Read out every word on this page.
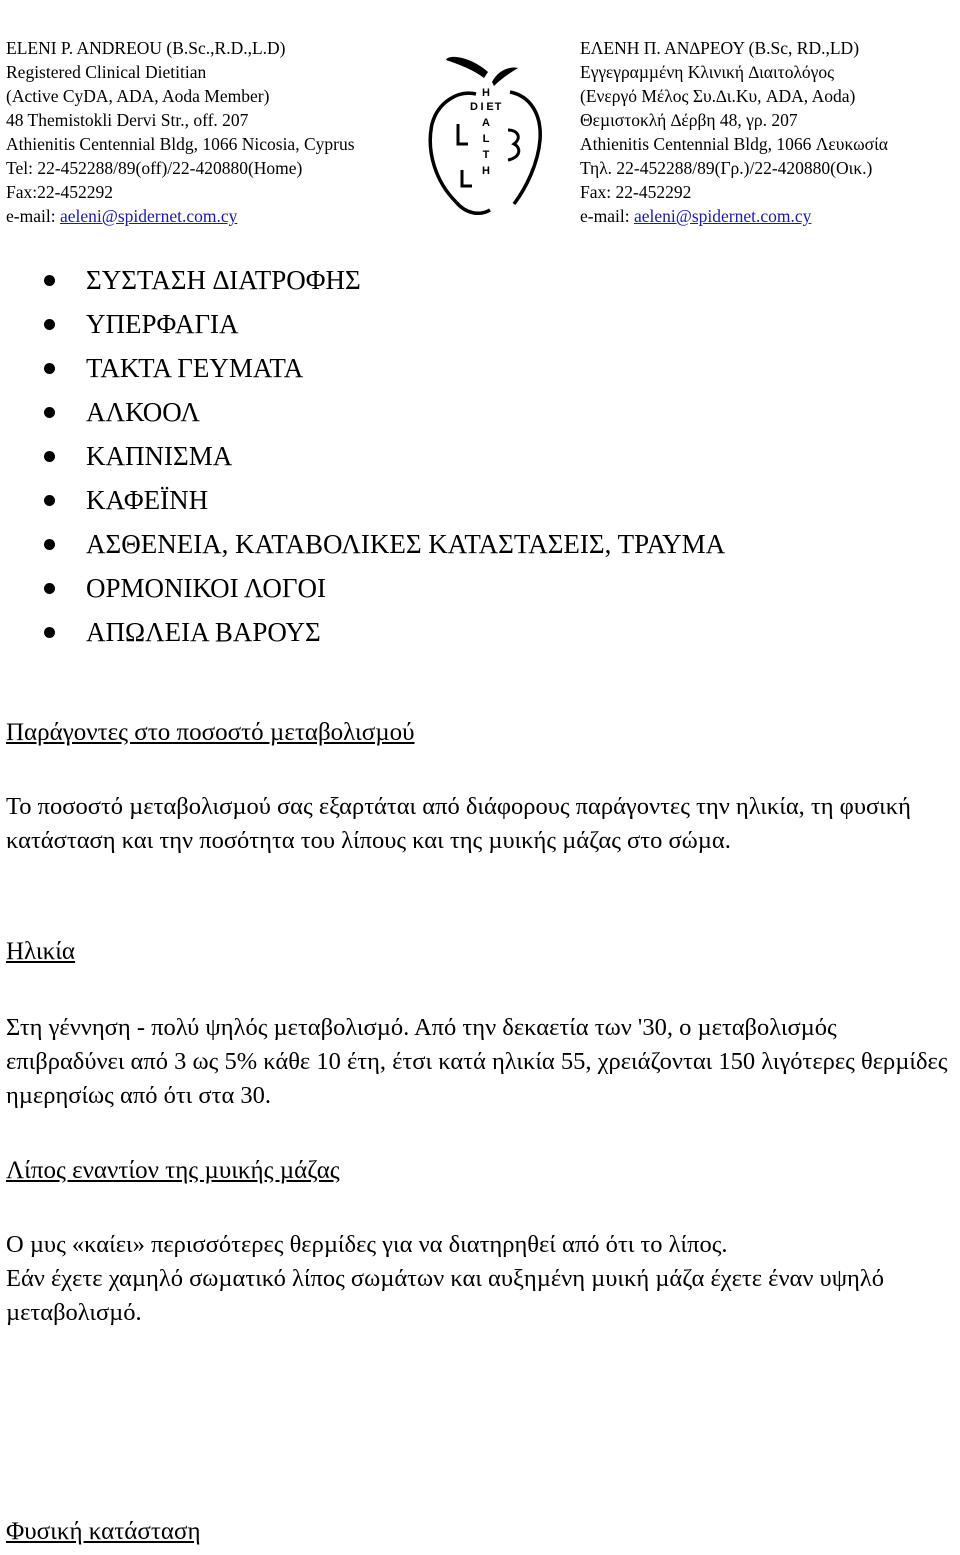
ELENI P. ANDREOU (B.Sc.,R.D.,L.D)
Registered Clinical Dietitian
(Active CyDA, ADA, Aoda Member)
48 Themistokli Dervi Str., off. 207
Athienitis Centennial Bldg, 1066 Nicosia, Cyprus
Tel: 22-452288/89(off)/22-420880(Home)
Fax:22-452292
e-mail: aeleni@spidernet.com.cy
H
D I E T
A
L
T
H
ΕΛΕΝΗ Π. ΑΝ∆ΡΕΟΥ (B.Sc, RD.,LD)
Εγγεγραµµένη Κλινική ∆ιαιτολόγος
(Ενεργό Μέλος Συ.∆ι.Κυ, ADA, Aoda)
Θεµιστοκλή ∆έρβη 48, γρ. 207
Athienitis Centennial Bldg, 1066 Λευκωσία
Τηλ. 22-452288/89(Γρ.)/22-420880(Οικ.)
Fax: 22-452292
e-mail: aeleni@spidernet.com.cy
ΣΥΣΤΑΣΗ ∆ΙΑΤΡΟΦΗΣ
ΥΠΕΡΦΑΓΙΑ
ΤΑΚΤΑ ΓΕΥΜΑΤΑ
ΑΛΚΟΟΛ
ΚΑΠΝΙΣΜΑ
ΚΑΦΕΪΝΗ
ΑΣΘΕΝΕΙΑ, ΚΑΤΑΒΟΛΙΚΕΣ ΚΑΤΑΣΤΑΣΕΙΣ, ΤΡΑΥΜΑ
ΟΡΜΟΝΙΚΟΙ ΛΟΓΟΙ
ΑΠΩΛΕΙΑ ΒΑΡΟΥΣ
Παράγοντες στο ποσοστό µεταβολισµού

Το ποσοστό µεταβολισµού σας εξαρτάται από διάφορους παράγοντες την ηλικία, τη φυσική κατάσταση και την ποσότητα του λίπους και της µυικής µάζας στο σώµα.

Ηλικία

Στη γέννηση - πολύ ψηλός µεταβολισµό. Από την δεκαετία των '30, ο µεταβολισµός επιβραδύνει από 3 ως 5% κάθε 10 έτη, έτσι κατά ηλικία 55, χρειάζονται 150 λιγότερες θερµίδες ηµερησίως από ότι στα 30.

Λίπος εναντίον της µυικής µάζας

Ο µυς «καίει» περισσότερες θερµίδες για να διατηρηθεί από ότι το λίπος.

Εάν έχετε χαµηλό σωµατικό λίπος σωµάτων και αυξηµένη µυική µάζα έχετε έναν υψηλό µεταβολισµό.

Φυσική κατάσταση
